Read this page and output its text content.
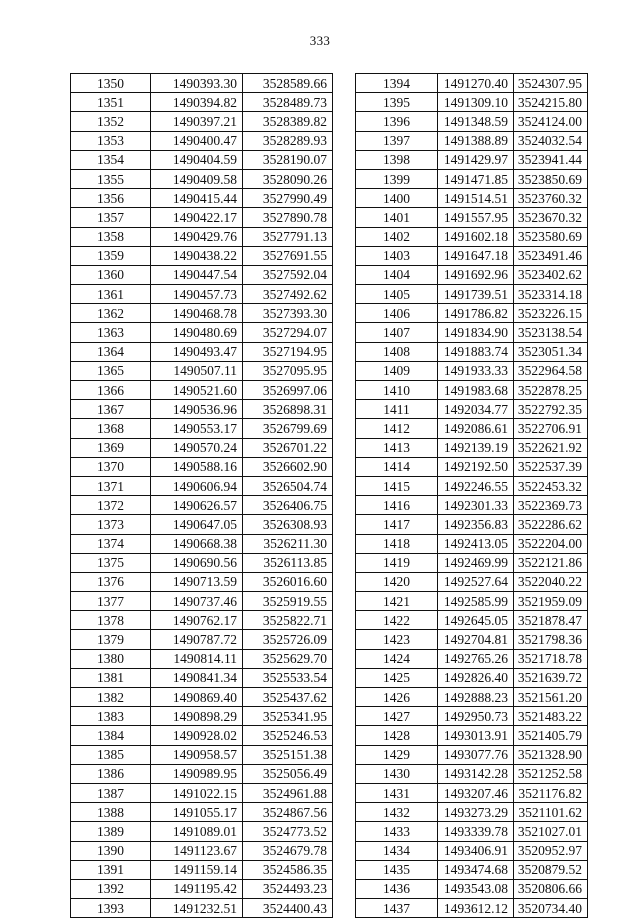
333
1350	1490393.30	3528589.66
1351	1490394.82	3528489.73
1352	1490397.21	3528389.82
1353	1490400.47	3528289.93
1354	1490404.59	3528190.07
1355	1490409.58	3528090.26
1356	1490415.44	3527990.49
1357	1490422.17	3527890.78
1358	1490429.76	3527791.13
1359	1490438.22	3527691.55
1360	1490447.54	3527592.04
1361	1490457.73	3527492.62
1362	1490468.78	3527393.30
1363	1490480.69	3527294.07
1364	1490493.47	3527194.95
1365	1490507.11	3527095.95
1366	1490521.60	3526997.06
1367	1490536.96	3526898.31
1368	1490553.17	3526799.69
1369	1490570.24	3526701.22
1370	1490588.16	3526602.90
1371	1490606.94	3526504.74
1372	1490626.57	3526406.75
1373	1490647.05	3526308.93
1374	1490668.38	3526211.30
1375	1490690.56	3526113.85
1376	1490713.59	3526016.60
1377	1490737.46	3525919.55
1378	1490762.17	3525822.71
1379	1490787.72	3525726.09
1380	1490814.11	3525629.70
1381	1490841.34	3525533.54
1382	1490869.40	3525437.62
1383	1490898.29	3525341.95
1384	1490928.02	3525246.53
1385	1490958.57	3525151.38
1386	1490989.95	3525056.49
1387	1491022.15	3524961.88
1388	1491055.17	3524867.56
1389	1491089.01	3524773.52
1390	1491123.67	3524679.78
1391	1491159.14	3524586.35
1392	1491195.42	3524493.23
1393	1491232.51	3524400.43
1394	1491270.40	3524307.95
1395	1491309.10	3524215.80
1396	1491348.59	3524124.00
1397	1491388.89	3524032.54
1398	1491429.97	3523941.44
1399	1491471.85	3523850.69
1400	1491514.51	3523760.32
1401	1491557.95	3523670.32
1402	1491602.18	3523580.69
1403	1491647.18	3523491.46
1404	1491692.96	3523402.62
1405	1491739.51	3523314.18
1406	1491786.82	3523226.15
1407	1491834.90	3523138.54
1408	1491883.74	3523051.34
1409	1491933.33	3522964.58
1410	1491983.68	3522878.25
1411	1492034.77	3522792.35
1412	1492086.61	3522706.91
1413	1492139.19	3522621.92
1414	1492192.50	3522537.39
1415	1492246.55	3522453.32
1416	1492301.33	3522369.73
1417	1492356.83	3522286.62
1418	1492413.05	3522204.00
1419	1492469.99	3522121.86
1420	1492527.64	3522040.22
1421	1492585.99	3521959.09
1422	1492645.05	3521878.47
1423	1492704.81	3521798.36
1424	1492765.26	3521718.78
1425	1492826.40	3521639.72
1426	1492888.23	3521561.20
1427	1492950.73	3521483.22
1428	1493013.91	3521405.79
1429	1493077.76	3521328.90
1430	1493142.28	3521252.58
1431	1493207.46	3521176.82
1432	1493273.29	3521101.62
1433	1493339.78	3521027.01
1434	1493406.91	3520952.97
1435	1493474.68	3520879.52
1436	1493543.08	3520806.66
1437	1493612.12	3520734.40
